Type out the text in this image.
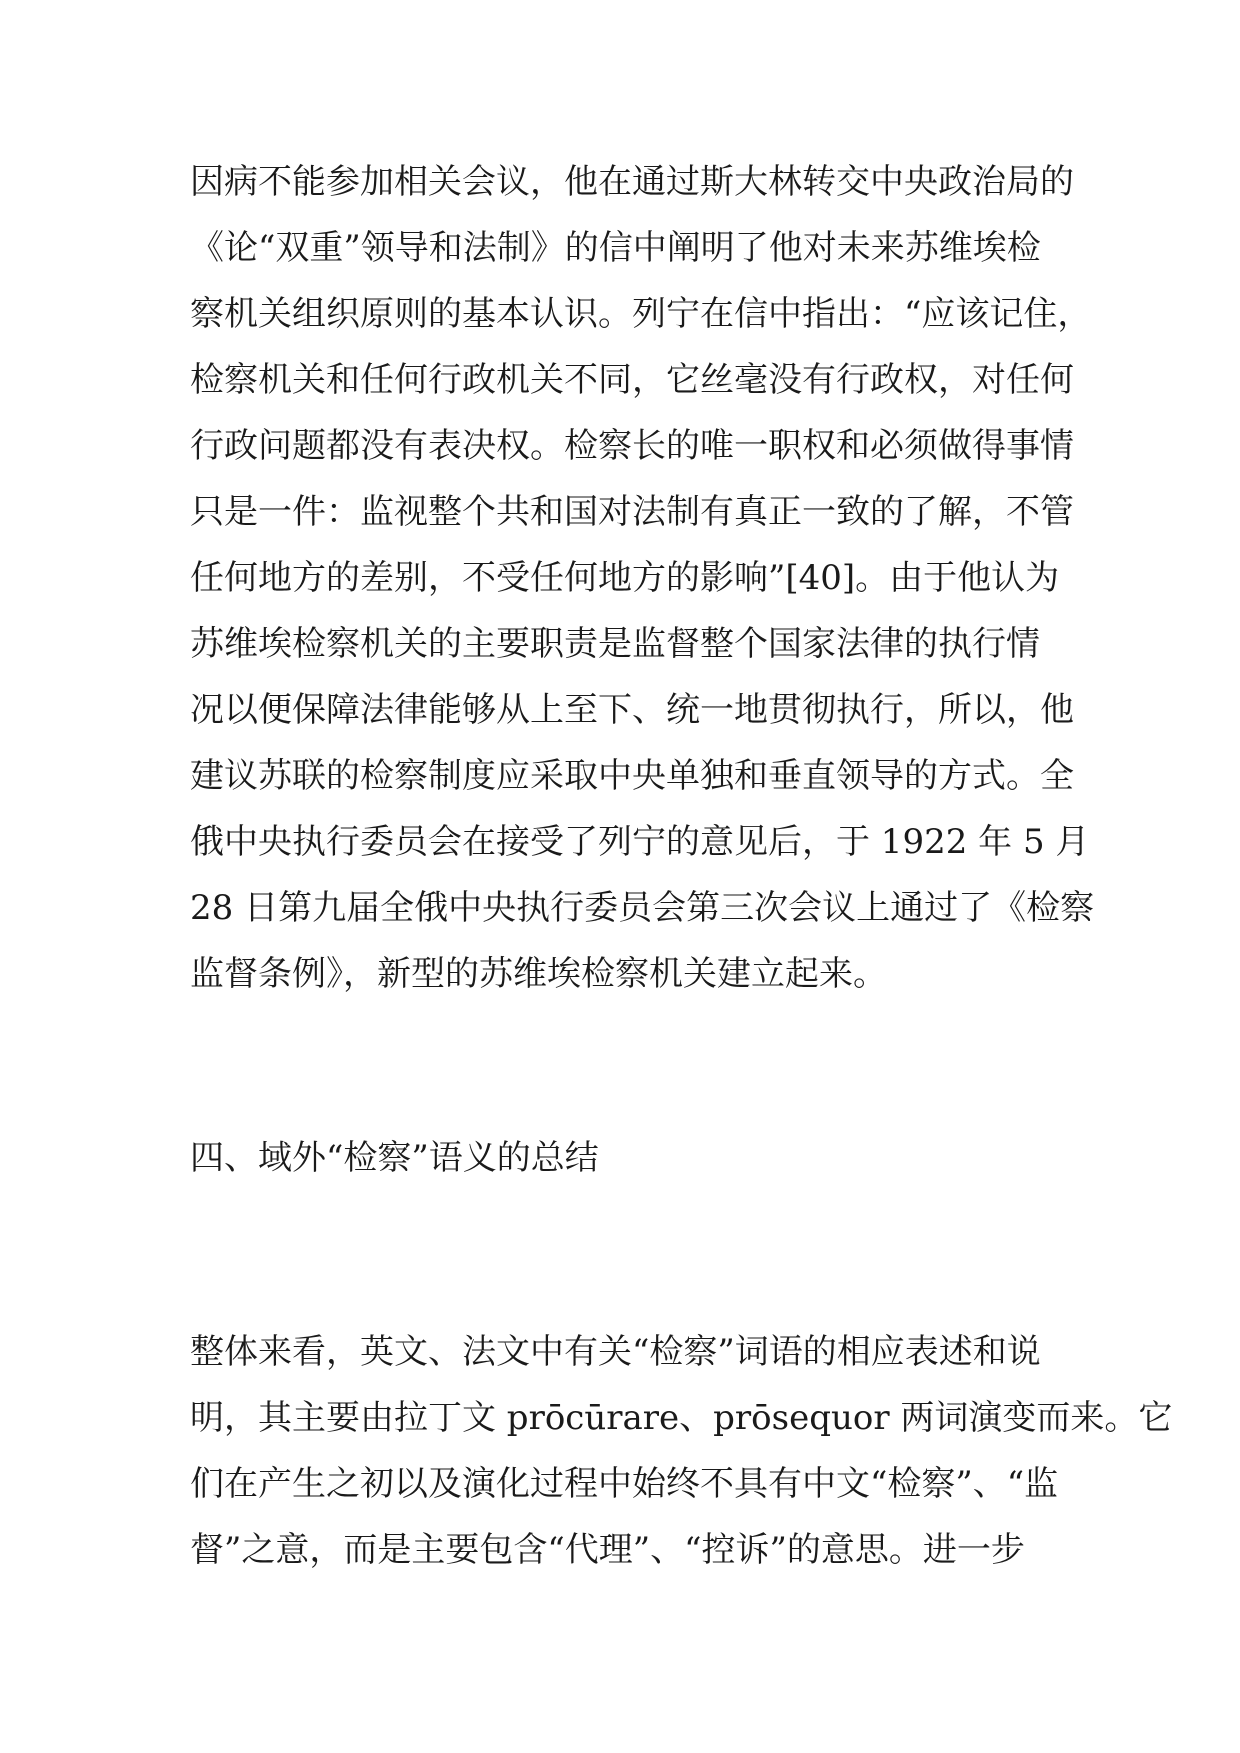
因病不能参加相关会议，他在通过斯大林转交中央政治局的
《论“双重”领导和法制》的信中阐明了他对未来苏维埃检
察机关组织原则的基本认识。列宁在信中指出：“应该记住，
检察机关和任何行政机关不同，它丝毫没有行政权，对任何
行政问题都没有表决权。检察长的唯一职权和必须做得事情
只是一件：监视整个共和国对法制有真正一致的了解，不管
任何地方的差别，不受任何地方的影响”[40]。由于他认为
苏维埃检察机关的主要职责是监督整个国家法律的执行情
况以便保障法律能够从上至下、统一地贯彻执行，所以，他
建议苏联的检察制度应采取中央单独和垂直领导的方式。全
俄中央执行委员会在接受了列宁的意见后，于 1922 年 5 月
28 日第九届全俄中央执行委员会第三次会议上通过了《检察
监督条例》，新型的苏维埃检察机关建立起来。
四、域外“检察”语义的总结
整体来看，英文、法文中有关“检察”词语的相应表述和说
明，其主要由拉丁文 prōcūrare、prōsequor 两词演变而来。它
们在产生之初以及演化过程中始终不具有中文“检察”、“监
督”之意，而是主要包含“代理”、“控诉”的意思。进一步
